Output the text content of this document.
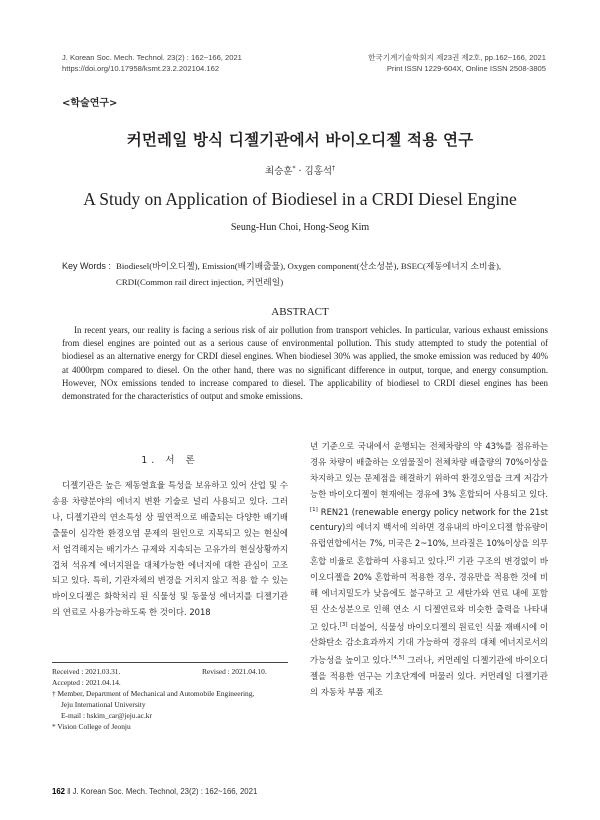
J. Korean Soc. Mech. Technol. 23(2) : 162~166, 2021
https://doi.org/10.17958/ksmt.23.2.202104.162
한국기계기술학회지 제23권 제2호, pp.162~166, 2021
Print ISSN 1229-604X, Online ISSN 2508-3805
<학술연구>
커먼레일 방식 디젤기관에서 바이오디젤 적용 연구
최승훈* · 김홍석†
A Study on Application of Biodiesel in a CRDI Diesel Engine
Seung-Hun Choi, Hong-Seog Kim
Key Words : Biodiesel(바이오디젤), Emission(배기배출물), Oxygen component(산소성분), BSEC(제동에너지 소비율), CRDI(Common rail direct injection, 커먼레일)
ABSTRACT
In recent years, our reality is facing a serious risk of air pollution from transport vehicles. In particular, various exhaust emissions from diesel engines are pointed out as a serious cause of environmental pollution. This study attempted to study the potential of biodiesel as an alternative energy for CRDI diesel engines. When biodiesel 30% was applied, the smoke emission was reduced by 40% at 4000rpm compared to diesel. On the other hand, there was no significant difference in output, torque, and energy consumption. However, NOx emissions tended to increase compared to diesel. The applicability of biodiesel to CRDI diesel engines has been demonstrated for the characteristics of output and smoke emissions.
1. 서 론

디젤기관은 높은 제동열효율 특성을 보유하고 있어 산업 및 수송용 차량분야의 에너지 변환 기술로 널리 사용되고 있다. 그러나, 디젤기관의 연소특성 상 필연적으로 배출되는 다양한 배기배출물이 심각한 환경오염 문제의 원인으로 지목되고 있는 현실에서 엄격해지는 배기가스 규제와 지속되는 고유가의 현실상황까지 겹쳐 석유계 에너지원을 대체가능한 에너지에 대한 관심이 고조되고 있다. 특히, 기관자체의 변경을 거치지 않고 적용 할 수 있는 바이오디젤은 화학처리 된 식물성 및 동물성 에너지를 디젤기관의 연료로 사용가능하도록 한 것이다. 2018

년 기준으로 국내에서 운행되는 전체차량의 약 43%를 점유하는 경유 차량이 배출하는 오염물질이 전체차량 배출량의 70%이상을 차지하고 있는 문제점을 해결하기 위하여 환경오염을 크게 저감가능한 바이오디젤이 현재에는 경유에 3% 혼합되어 사용되고 있다.[1] REN21 (renewable energy policy network for the 21st century)의 에너지 백서에 의하면 경유내의 바이오디젤 함유량이 유럽연합에서는 7%, 미국은 2~10%, 브라질은 10%이상을 의무 혼합 비율로 혼합하여 사용되고 있다.[2] 기관 구조의 변경없이 바이오디젤을 20% 혼합하여 적용한 경우, 경유만을 적용한 것에 비해 에너지밀도가 낮음에도 불구하고 고 세탄가와 연료 내에 포함된 산소성분으로 인해 연소 시 디젤연료와 비슷한 출력을 나타내고 있다.[3] 더불어, 식물성 바이오디젤의 원료인 식물 재배시에 이산화탄소 감소효과까지 기대 가능하여 경유의 대체 에너지로서의 가능성을 높이고 있다.[4,5] 그러나, 커먼레일 디젤기관에 바이오디젤을 적용한 연구는 기초단계에 머물러 있다. 커먼레일 디젤기관의 자동차 부품 제조

Received : 2021.03.31.	Revised : 2021.04.10.
Accepted : 2021.04.14.
† Member, Department of Mechanical and Automobile Engineering,
Jeju International University
E-mail : hskim_car@jeju.ac.kr
* Vision College of Jeonju
162 ǁ J. Korean Soc. Mech. Technol, 23(2) : 162~166, 2021
